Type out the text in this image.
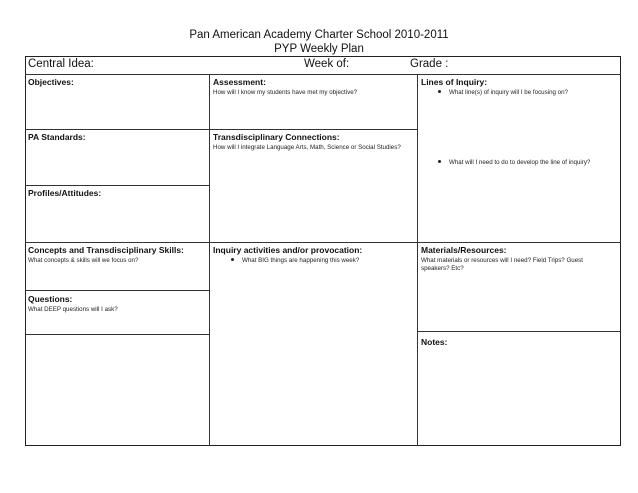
Pan American Academy Charter School 2010-2011
PYP Weekly Plan
Central Idea:	Week of:	Grade :
Objectives:
PA Standards:
Profiles/Attitudes:
Concepts and Transdisciplinary Skills:
What concepts & skills will we focus on?
Questions:
What DEEP questions will I ask?
Assessment:
How will I know my students have met my objective?
Transdisciplinary Connections:
How will I integrate Language Arts, Math, Science or Social Studies?
Inquiry activities and/or provocation:
What BIG things are happening this week?
Lines of Inquiry:
What line(s) of inquiry will I be focusing on?
What will I need to do to develop the line of inquiry?
Materials/Resources:
What materials or resources will I need? Field Trips? Guest speakers? Etc?
Notes:
